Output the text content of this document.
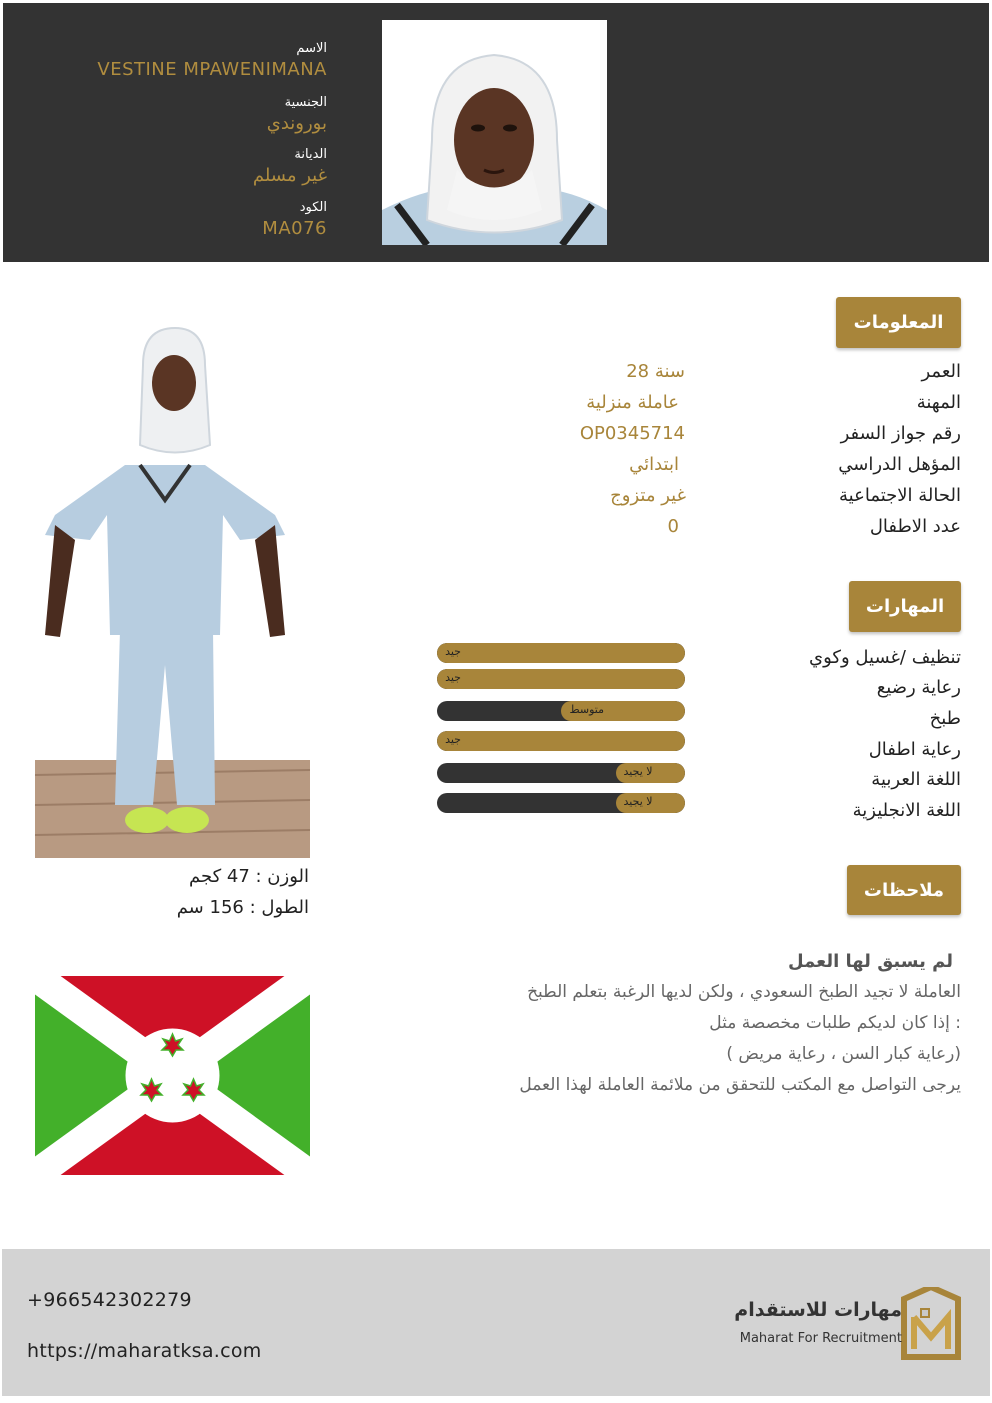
الاسم
VESTINE MPAWENIMANA
الجنسية
بوروندي
الديانة
غير مسلم
الكود
MA076
المعلومات
العمر
28 سنة
المهنة
عاملة منزلية
رقم جواز السفر
OP0345714
المؤهل الدراسي
ابتدائي
الحالة الاجتماعية
غير متزوج
عدد الاطفال
0
المهارات
تنظيف /غسيل وكوي
رعاية رضيع
طبخ
رعاية اطفال
اللغة العربية
اللغة الانجليزية
جيد
جيد
متوسط
جيد
لا يجيد
لا يجيد
ملاحظات
لم يسبق لها العمل
العاملة لا تجيد الطبخ السعودي ، ولكن لديها الرغبة بتعلم الطبخ
إذا كان لديكم طلبات مخصصة مثل :
( رعاية كبار السن ، رعاية مريض)
يرجى التواصل مع المكتب للتحقق من ملائمة العاملة لهذا العمل
الوزن : 47 كجم
الطول : 156 سم
+966542302279
https://maharatksa.com
مهارات للاستقدام
Maharat For Recruitment
